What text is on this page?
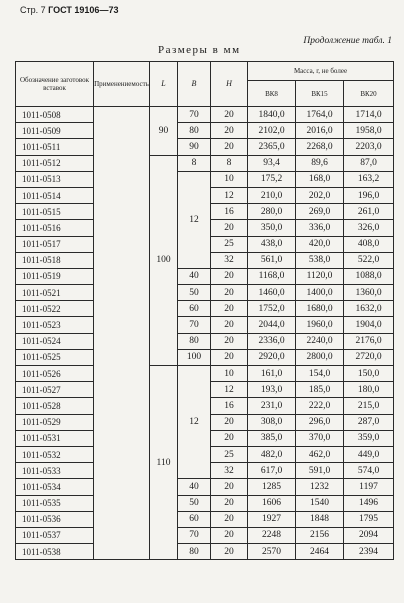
Стр. 7 ГОСТ 19106—73
Продолжение табл. 1
Размеры в мм
Обозначение заготовок вставок	Применениемость	L	B	H	Масса, г, не более		
					ВК8	ВК15	ВК20
1011-0508		90	70	20	1840,0	1764,0	1714,0
1011-0509			80	20	2102,0	2016,0	1958,0
1011-0511			90	20	2365,0	2268,0	2203,0
1011-0512		100	8	8	93,4	89,6	87,0
1011-0513			12	10	175,2	168,0	163,2
1011-0514				12	210,0	202,0	196,0
1011-0515				16	280,0	269,0	261,0
1011-0516				20	350,0	336,0	326,0
1011-0517				25	438,0	420,0	408,0
1011-0518				32	561,0	538,0	522,0
1011-0519			40	20	1168,0	1120,0	1088,0
1011-0521			50	20	1460,0	1400,0	1360,0
1011-0522			60	20	1752,0	1680,0	1632,0
1011-0523			70	20	2044,0	1960,0	1904,0
1011-0524			80	20	2336,0	2240,0	2176,0
1011-0525			100	20	2920,0	2800,0	2720,0
1011-0526		110	12	10	161,0	154,0	150,0
1011-0527				12	193,0	185,0	180,0
1011-0528				16	231,0	222,0	215,0
1011-0529				20	308,0	296,0	287,0
1011-0531				20	385,0	370,0	359,0
1011-0532				25	482,0	462,0	449,0
1011-0533				32	617,0	591,0	574,0
1011-0534			40	20	1285	1232	1197
1011-0535			50	20	1606	1540	1496
1011-0536			60	20	1927	1848	1795
1011-0537			70	20	2248	2156	2094
1011-0538			80	20	2570	2464	2394
